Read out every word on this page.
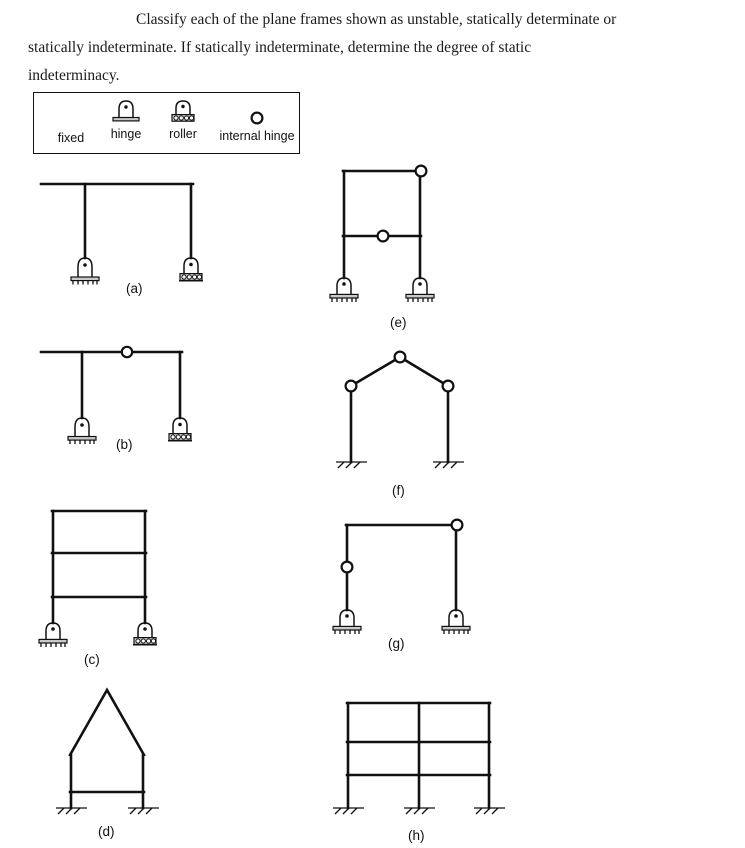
Classify each of the plane frames shown as unstable, statically determinate or statically indeterminate. If statically indeterminate, determine the degree of static indeterminacy.
fixed	hinge	roller	internal hinge
(a)
(b)
(c)
(d)
(e)
(f)
(g)
(h)
